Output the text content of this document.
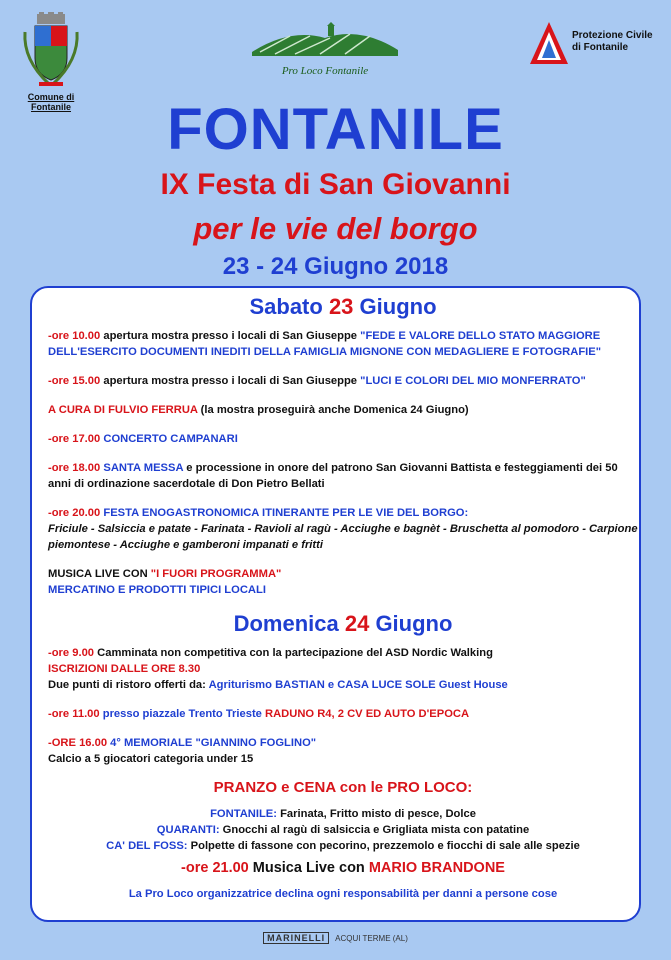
Comune di Fontanile
Pro Loco Fontanile
Protezione Civile
di Fontanile
FONTANILE
IX Festa di San Giovanni
per le vie del borgo
23 - 24 Giugno 2018
Sabato 23 Giugno
-ore 10.00 apertura mostra presso i locali di San Giuseppe "FEDE E VALORE DELLO STATO MAGGIORE DELL'ESERCITO DOCUMENTI INEDITI DELLA FAMIGLIA MIGNONE CON MEDAGLIERE E FOTOGRAFIE"
-ore 15.00 apertura mostra presso i locali di San Giuseppe "LUCI E COLORI DEL MIO MONFERRATO"
A CURA DI FULVIO FERRUA (la mostra proseguirà anche Domenica 24 Giugno)
-ore 17.00 CONCERTO CAMPANARI
-ore 18.00 SANTA MESSA e processione in onore del patrono San Giovanni Battista e festeggiamenti dei 50 anni di ordinazione sacerdotale di Don Pietro Bellati
-ore 20.00 FESTA ENOGASTRONOMICA ITINERANTE PER LE VIE DEL BORGO:
Friciule - Salsiccia e patate - Farinata - Ravioli al ragù - Acciughe e bagnèt - Bruschetta al pomodoro - Carpione piemontese - Acciughe e gamberoni impanati e fritti
MUSICA LIVE CON "I FUORI PROGRAMMA"
MERCATINO E PRODOTTI TIPICI LOCALI
Domenica 24 Giugno
-ore 9.00 Camminata non competitiva con la partecipazione del ASD Nordic Walking
ISCRIZIONI DALLE ORE 8.30
Due punti di ristoro offerti da: Agriturismo BASTIAN e CASA LUCE SOLE Guest House
-ore 11.00 presso piazzale Trento Trieste RADUNO R4, 2 CV ED AUTO D'EPOCA
-ORE 16.00 4° MEMORIALE "GIANNINO FOGLINO"
Calcio a 5 giocatori categoria under 15
PRANZO e CENA con le PRO LOCO:
FONTANILE: Farinata, Fritto misto di pesce, Dolce
QUARANTI: Gnocchi al ragù di salsiccia e Grigliata mista con patatine
CA' DEL FOSS: Polpette di fassone con pecorino, prezzemolo e fiocchi di sale alle spezie
-ore 21.00 Musica Live con MARIO BRANDONE
La Pro Loco organizzatrice declina ogni responsabilità per danni a persone cose
MARINELLI ACQUI TERME (AL)
